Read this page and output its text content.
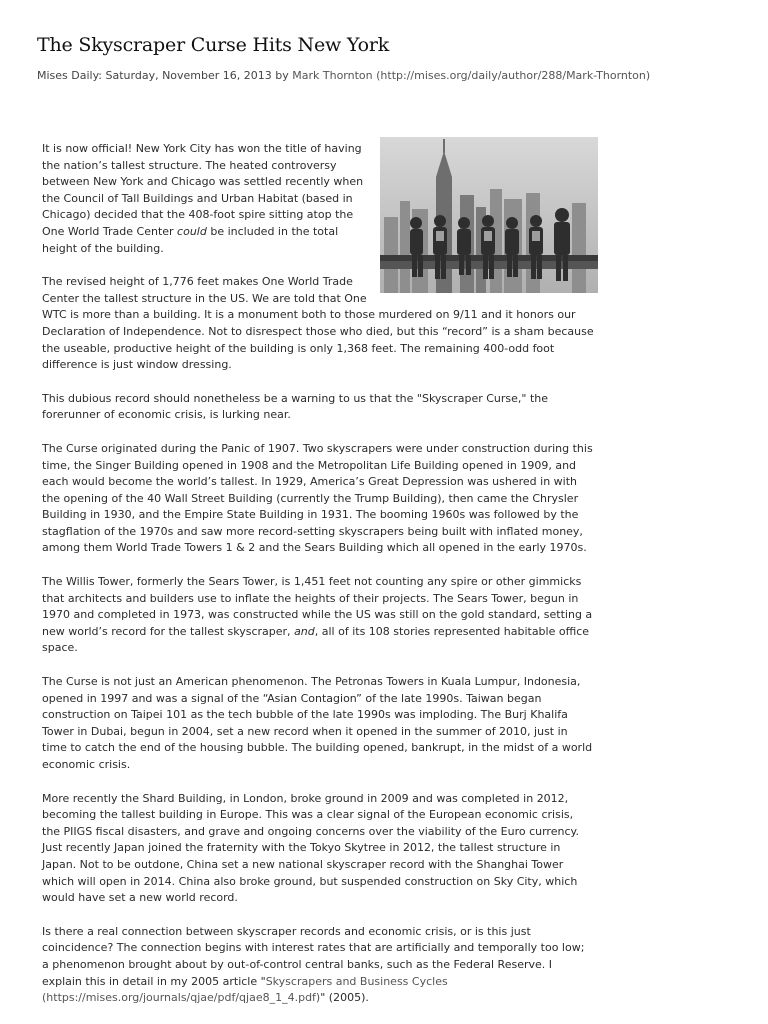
The Skyscraper Curse Hits New York
Mises Daily: Saturday, November 16, 2013 by Mark Thornton (http://mises.org/daily/author/288/Mark-Thornton)

It is now official! New York City has won the title of having the nation’s tallest structure. The heated controversy between New York and Chicago was settled recently when the Council of Tall Buildings and Urban Habitat (based in Chicago) decided that the 408-foot spire sitting atop the One World Trade Center could be included in the total height of the building.

The revised height of 1,776 feet makes One World Trade Center the tallest structure in the US. We are told that One WTC is more than a building. It is a monument both to those murdered on 9/11 and it honors our Declaration of Independence. Not to disrespect those who died, but this “record” is a sham because the useable, productive height of the building is only 1,368 feet. The remaining 400-odd foot difference is just window dressing.

This dubious record should nonetheless be a warning to us that the "Skyscraper Curse," the forerunner of economic crisis, is lurking near.

The Curse originated during the Panic of 1907. Two skyscrapers were under construction during this time, the Singer Building opened in 1908 and the Metropolitan Life Building opened in 1909, and each would become the world’s tallest. In 1929, America’s Great Depression was ushered in with the opening of the 40 Wall Street Building (currently the Trump Building), then came the Chrysler Building in 1930, and the Empire State Building in 1931. The booming 1960s was followed by the stagflation of the 1970s and saw more record-setting skyscrapers being built with inflated money, among them World Trade Towers 1 & 2 and the Sears Building which all opened in the early 1970s.

The Willis Tower, formerly the Sears Tower, is 1,451 feet not counting any spire or other gimmicks that architects and builders use to inflate the heights of their projects. The Sears Tower, begun in 1970 and completed in 1973, was constructed while the US was still on the gold standard, setting a new world’s record for the tallest skyscraper, and, all of its 108 stories represented habitable office space.

The Curse is not just an American phenomenon. The Petronas Towers in Kuala Lumpur, Indonesia, opened in 1997 and was a signal of the “Asian Contagion” of the late 1990s. Taiwan began construction on Taipei 101 as the tech bubble of the late 1990s was imploding. The Burj Khalifa Tower in Dubai, begun in 2004, set a new record when it opened in the summer of 2010, just in time to catch the end of the housing bubble. The building opened, bankrupt, in the midst of a world economic crisis.

More recently the Shard Building, in London, broke ground in 2009 and was completed in 2012, becoming the tallest building in Europe. This was a clear signal of the European economic crisis, the PIIGS fiscal disasters, and grave and ongoing concerns over the viability of the Euro currency. Just recently Japan joined the fraternity with the Tokyo Skytree in 2012, the tallest structure in Japan. Not to be outdone, China set a new national skyscraper record with the Shanghai Tower which will open in 2014. China also broke ground, but suspended construction on Sky City, which would have set a new world record.

Is there a real connection between skyscraper records and economic crisis, or is this just coincidence? The connection begins with interest rates that are artificially and temporally too low; a phenomenon brought about by out-of-control central banks, such as the Federal Reserve. I explain this in detail in my 2005 article "Skyscrapers and Business Cycles (https://mises.org/journals/qjae/pdf/qjae8_1_4.pdf)" (2005).
